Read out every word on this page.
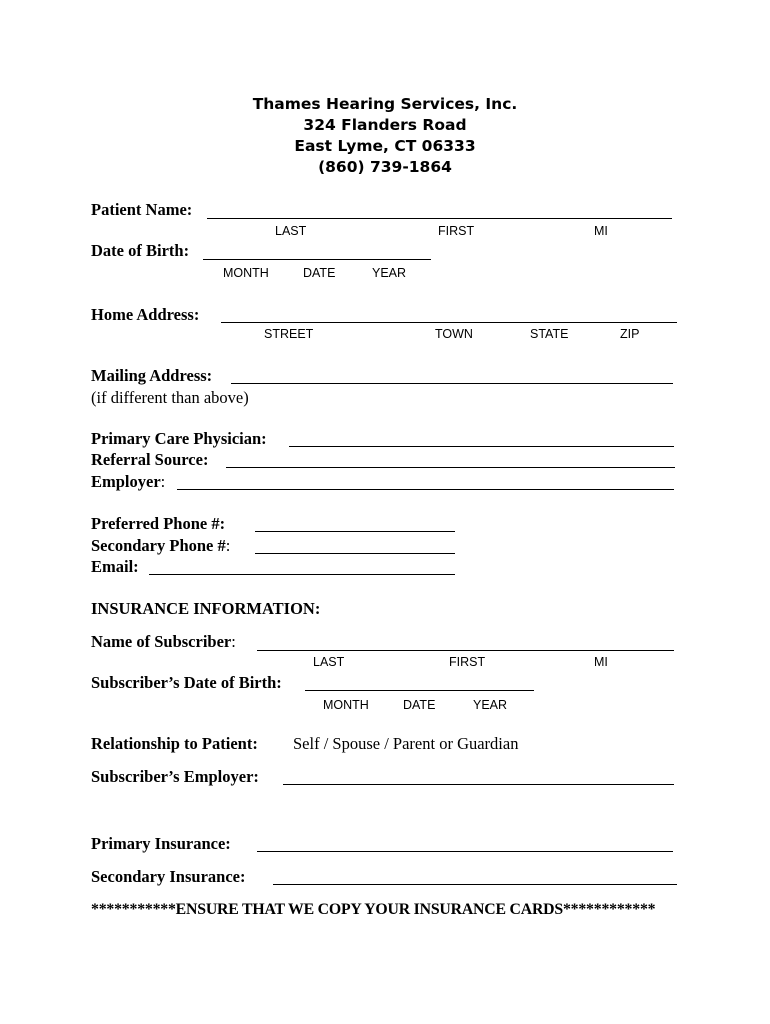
Thames Hearing Services, Inc.
324 Flanders Road
East Lyme, CT 06333
(860) 739-1864
Patient Name:
LAST	FIRST	MI
Date of Birth:
MONTH	DATE	YEAR
Home Address:
STREET	TOWN	STATE	ZIP
Mailing Address:
(if different than above)
Primary Care Physician:
Referral Source:
Employer:
Preferred Phone #:
Secondary Phone #:
Email:
INSURANCE INFORMATION:
Name of Subscriber:
LAST	FIRST	MI
Subscriber’s Date of Birth:
MONTH	DATE	YEAR
Relationship to Patient: Self / Spouse / Parent or Guardian
Subscriber’s Employer:
Primary Insurance:
Secondary Insurance:
***********ENSURE THAT WE COPY YOUR INSURANCE CARDS************
